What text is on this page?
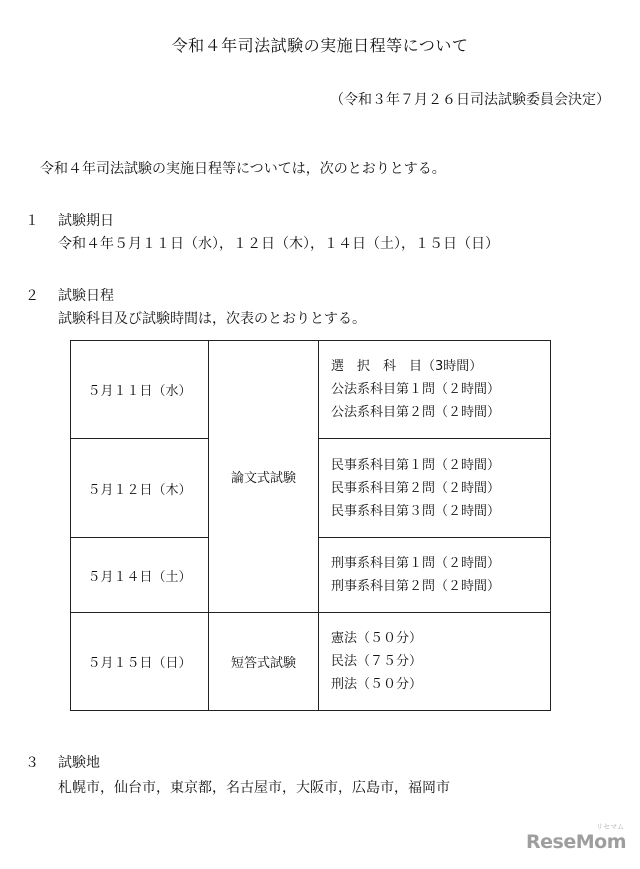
令和４年司法試験の実施日程等について
（令和３年７月２６日司法試験委員会決定）
令和４年司法試験の実施日程等については，次のとおりとする。
１ 試験期日
令和４年５月１１日（水），１２日（木），１４日（土），１５日（日）
２ 試験日程
試験科目及び試験時間は，次表のとおりとする。
５月１１日（水）	論文式試験	選　択　科　目（3時間）
公法系科目第１問（２時間）
公法系科目第２問（２時間）

５月１２日（木）		民事系科目第１問（２時間）
民事系科目第２問（２時間）
民事系科目第３問（２時間）

５月１４日（土）		刑事系科目第１問（２時間）
刑事系科目第２問（２時間）

５月１５日（日）	短答式試験	憲法（５０分）
民法（７５分）
刑法（５０分）
３ 試験地
札幌市，仙台市，東京都，名古屋市，大阪市，広島市，福岡市
リセマム
ReseMom
